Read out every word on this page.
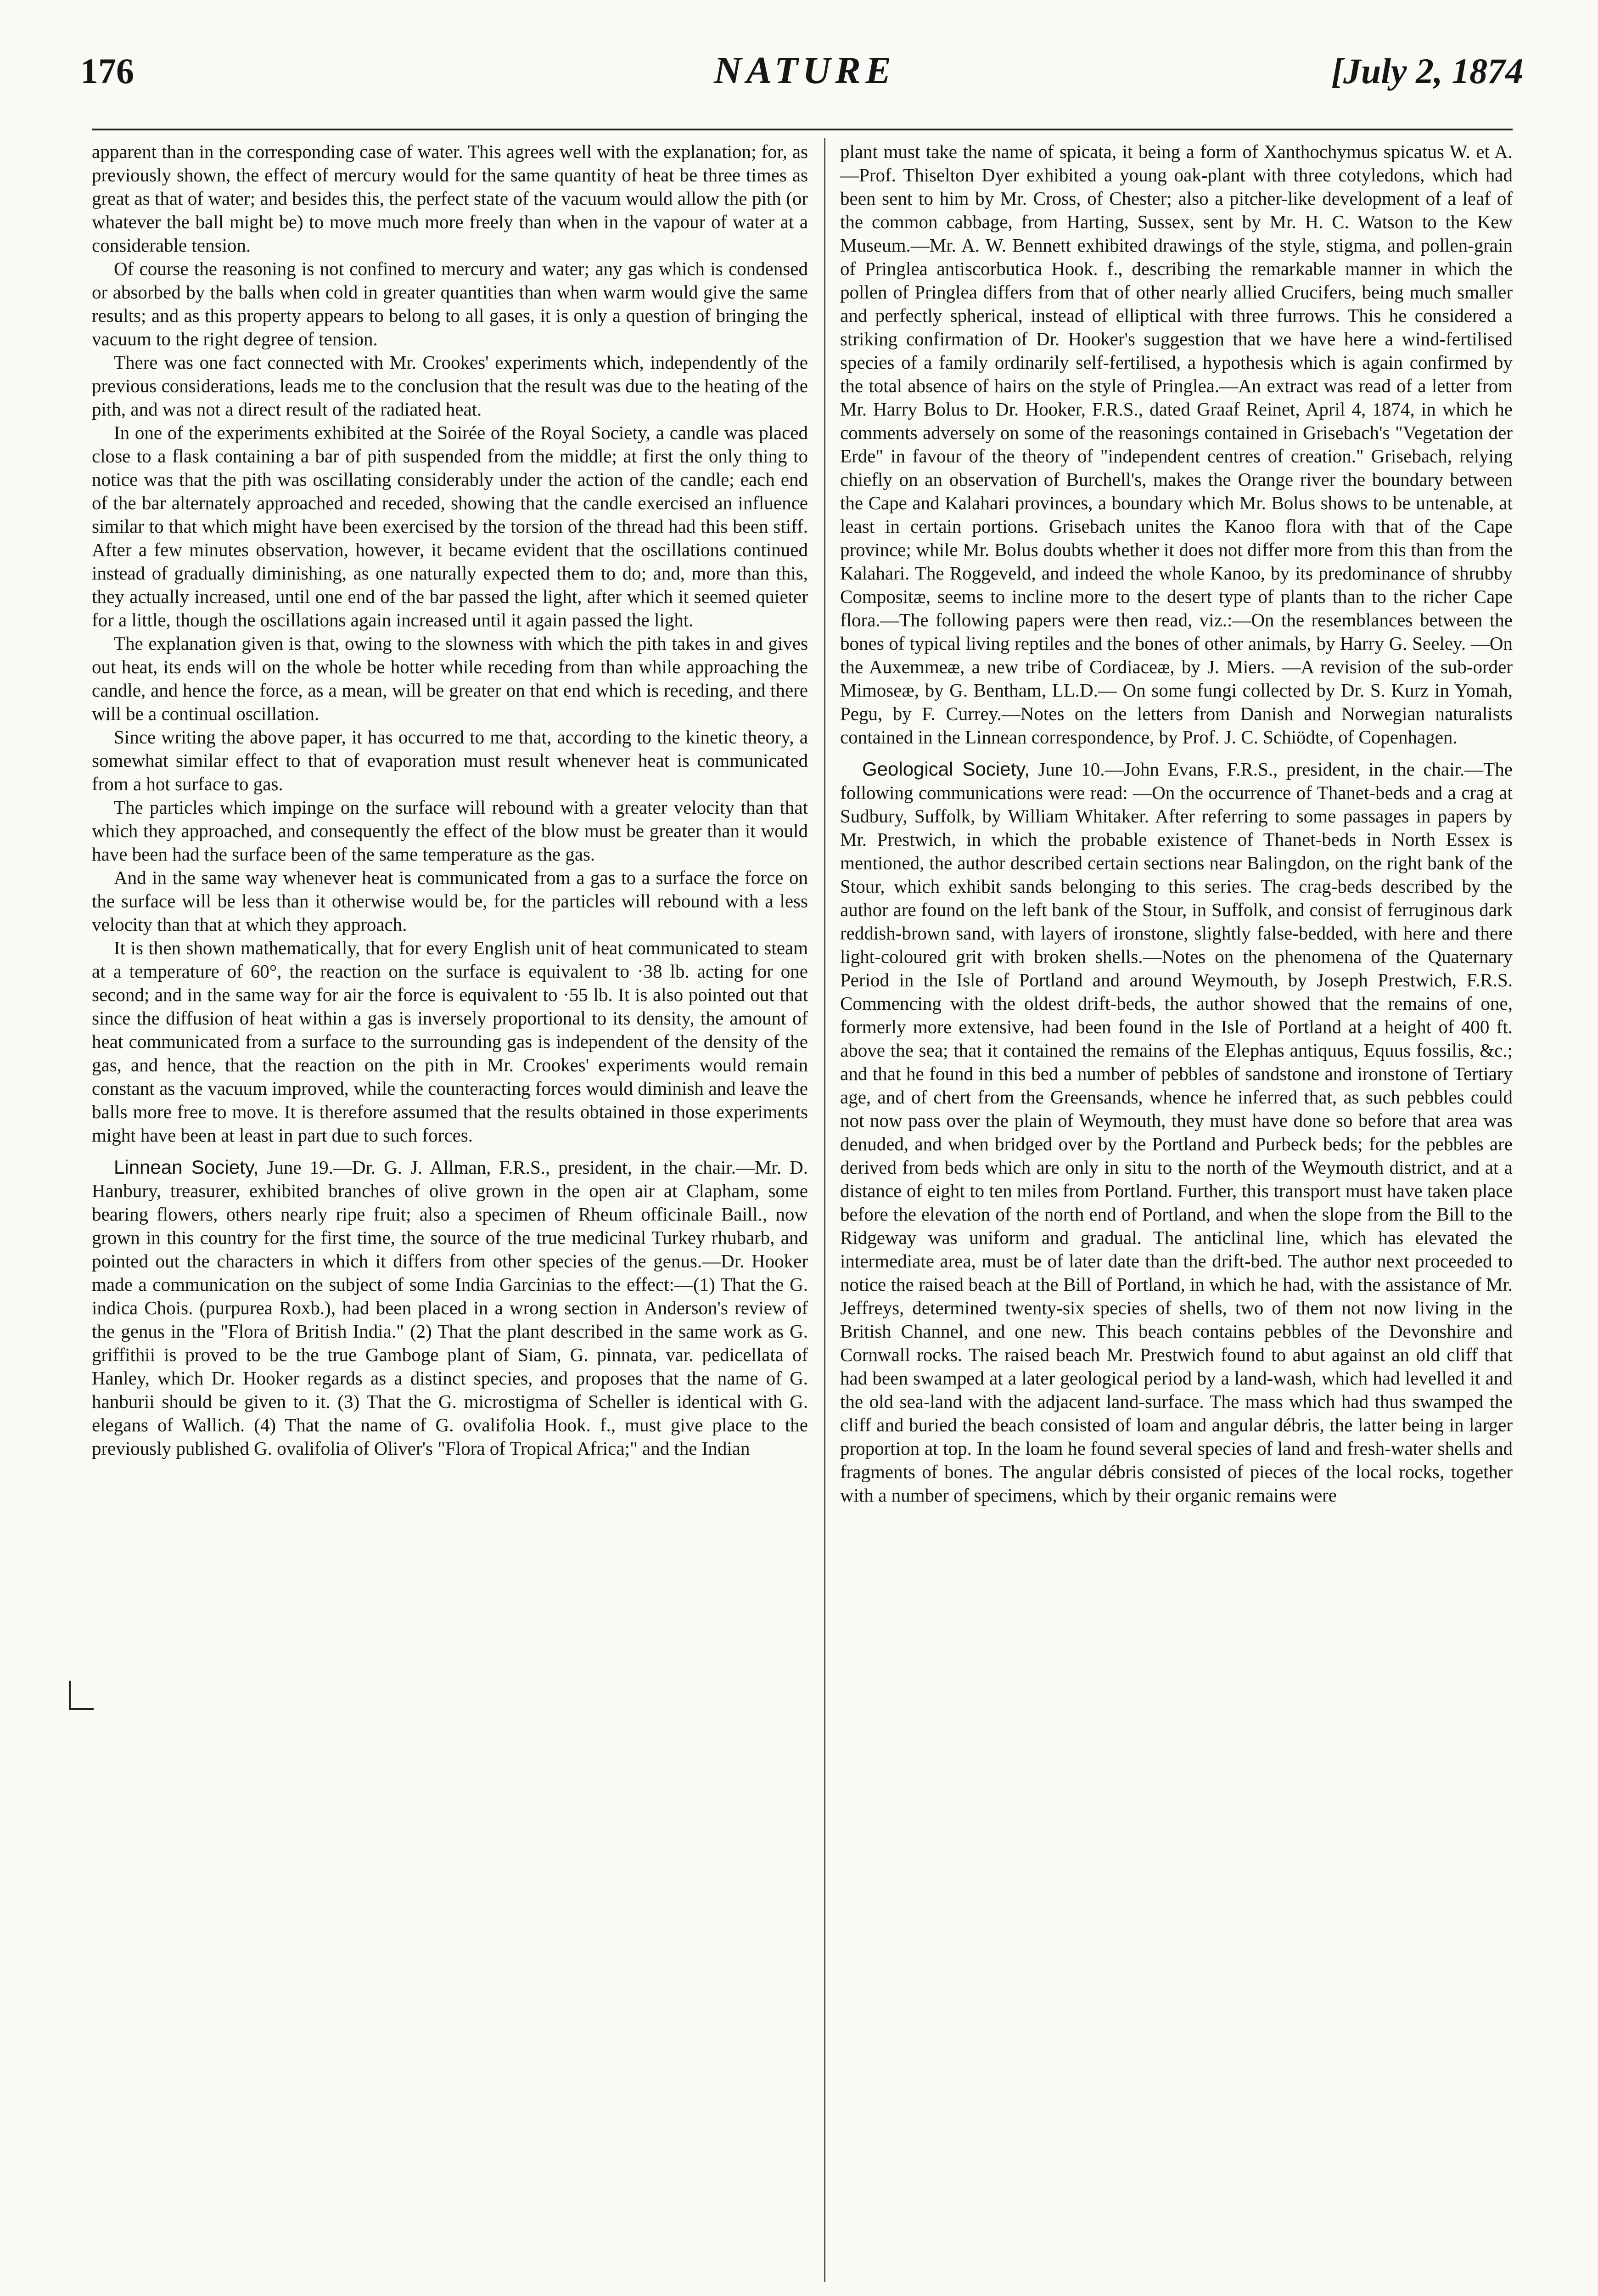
176	NATURE	[July 2, 1874

apparent than in the corresponding case of water. This agrees well with the explanation; for, as previously shown, the effect of mercury would for the same quantity of heat be three times as great as that of water; and besides this, the perfect state of the vacuum would allow the pith (or whatever the ball might be) to move much more freely than when in the vapour of water at a considerable tension.

Of course the reasoning is not confined to mercury and water; any gas which is condensed or absorbed by the balls when cold in greater quantities than when warm would give the same results; and as this property appears to belong to all gases, it is only a question of bringing the vacuum to the right degree of tension.

There was one fact connected with Mr. Crookes' experiments which, independently of the previous considerations, leads me to the conclusion that the result was due to the heating of the pith, and was not a direct result of the radiated heat.

In one of the experiments exhibited at the Soirée of the Royal Society, a candle was placed close to a flask containing a bar of pith suspended from the middle; at first the only thing to notice was that the pith was oscillating considerably under the action of the candle; each end of the bar alternately approached and receded, showing that the candle exercised an influence similar to that which might have been exercised by the torsion of the thread had this been stiff. After a few minutes observation, however, it became evident that the oscillations continued instead of gradually diminishing, as one naturally expected them to do; and, more than this, they actually increased, until one end of the bar passed the light, after which it seemed quieter for a little, though the oscillations again increased until it again passed the light.

The explanation given is that, owing to the slowness with which the pith takes in and gives out heat, its ends will on the whole be hotter while receding from than while approaching the candle, and hence the force, as a mean, will be greater on that end which is receding, and there will be a continual oscillation.

Since writing the above paper, it has occurred to me that, according to the kinetic theory, a somewhat similar effect to that of evaporation must result whenever heat is communicated from a hot surface to gas.

The particles which impinge on the surface will rebound with a greater velocity than that which they approached, and consequently the effect of the blow must be greater than it would have been had the surface been of the same temperature as the gas.

And in the same way whenever heat is communicated from a gas to a surface the force on the surface will be less than it otherwise would be, for the particles will rebound with a less velocity than that at which they approach.

It is then shown mathematically, that for every English unit of heat communicated to steam at a temperature of 60°, the reaction on the surface is equivalent to ·38 lb. acting for one second; and in the same way for air the force is equivalent to ·55 lb. It is also pointed out that since the diffusion of heat within a gas is inversely proportional to its density, the amount of heat communicated from a surface to the surrounding gas is independent of the density of the gas, and hence, that the reaction on the pith in Mr. Crookes' experiments would remain constant as the vacuum improved, while the counteracting forces would diminish and leave the balls more free to move. It is therefore assumed that the results obtained in those experiments might have been at least in part due to such forces.

Linnean Society, June 19.—Dr. G. J. Allman, F.R.S., president, in the chair.—Mr. D. Hanbury, treasurer, exhibited branches of olive grown in the open air at Clapham, some bearing flowers, others nearly ripe fruit; also a specimen of Rheum officinale Baill., now grown in this country for the first time, the source of the true medicinal Turkey rhubarb, and pointed out the characters in which it differs from other species of the genus.—Dr. Hooker made a communication on the subject of some India Garcinias to the effect:—(1) That the G. indica Chois. (purpurea Roxb.), had been placed in a wrong section in Anderson's review of the genus in the "Flora of British India." (2) That the plant described in the same work as G. griffithii is proved to be the true Gamboge plant of Siam, G. pinnata, var. pedicellata of Hanley, which Dr. Hooker regards as a distinct species, and proposes that the name of G. hanburii should be given to it. (3) That the G. microstigma of Scheller is identical with G. elegans of Wallich. (4) That the name of G. ovalifolia Hook. f., must give place to the previously published G. ovalifolia of Oliver's "Flora of Tropical Africa;" and the Indian

plant must take the name of spicata, it being a form of Xanthochymus spicatus W. et A.—Prof. Thiselton Dyer exhibited a young oak-plant with three cotyledons, which had been sent to him by Mr. Cross, of Chester; also a pitcher-like development of a leaf of the common cabbage, from Harting, Sussex, sent by Mr. H. C. Watson to the Kew Museum.—Mr. A. W. Bennett exhibited drawings of the style, stigma, and pollen-grain of Pringlea antiscorbutica Hook. f., describing the remarkable manner in which the pollen of Pringlea differs from that of other nearly allied Crucifers, being much smaller and perfectly spherical, instead of elliptical with three furrows. This he considered a striking confirmation of Dr. Hooker's suggestion that we have here a wind-fertilised species of a family ordinarily self-fertilised, a hypothesis which is again confirmed by the total absence of hairs on the style of Pringlea.—An extract was read of a letter from Mr. Harry Bolus to Dr. Hooker, F.R.S., dated Graaf Reinet, April 4, 1874, in which he comments adversely on some of the reasonings contained in Grisebach's "Vegetation der Erde" in favour of the theory of "independent centres of creation." Grisebach, relying chiefly on an observation of Burchell's, makes the Orange river the boundary between the Cape and Kalahari provinces, a boundary which Mr. Bolus shows to be untenable, at least in certain portions. Grisebach unites the Kanoo flora with that of the Cape province; while Mr. Bolus doubts whether it does not differ more from this than from the Kalahari. The Roggeveld, and indeed the whole Kanoo, by its predominance of shrubby Compositæ, seems to incline more to the desert type of plants than to the richer Cape flora.—The following papers were then read, viz.:—On the resemblances between the bones of typical living reptiles and the bones of other animals, by Harry G. Seeley. —On the Auxemmeæ, a new tribe of Cordiaceæ, by J. Miers. —A revision of the sub-order Mimoseæ, by G. Bentham, LL.D.— On some fungi collected by Dr. S. Kurz in Yomah, Pegu, by F. Currey.—Notes on the letters from Danish and Norwegian naturalists contained in the Linnean correspondence, by Prof. J. C. Schiödte, of Copenhagen.

Geological Society, June 10.—John Evans, F.R.S., president, in the chair.—The following communications were read: —On the occurrence of Thanet-beds and a crag at Sudbury, Suffolk, by William Whitaker. After referring to some passages in papers by Mr. Prestwich, in which the probable existence of Thanet-beds in North Essex is mentioned, the author described certain sections near Balingdon, on the right bank of the Stour, which exhibit sands belonging to this series. The crag-beds described by the author are found on the left bank of the Stour, in Suffolk, and consist of ferruginous dark reddish-brown sand, with layers of ironstone, slightly false-bedded, with here and there light-coloured grit with broken shells.—Notes on the phenomena of the Quaternary Period in the Isle of Portland and around Weymouth, by Joseph Prestwich, F.R.S. Commencing with the oldest drift-beds, the author showed that the remains of one, formerly more extensive, had been found in the Isle of Portland at a height of 400 ft. above the sea; that it contained the remains of the Elephas antiquus, Equus fossilis, &c.; and that he found in this bed a number of pebbles of sandstone and ironstone of Tertiary age, and of chert from the Greensands, whence he inferred that, as such pebbles could not now pass over the plain of Weymouth, they must have done so before that area was denuded, and when bridged over by the Portland and Purbeck beds; for the pebbles are derived from beds which are only in situ to the north of the Weymouth district, and at a distance of eight to ten miles from Portland. Further, this transport must have taken place before the elevation of the north end of Portland, and when the slope from the Bill to the Ridgeway was uniform and gradual. The anticlinal line, which has elevated the intermediate area, must be of later date than the drift-bed. The author next proceeded to notice the raised beach at the Bill of Portland, in which he had, with the assistance of Mr. Jeffreys, determined twenty-six species of shells, two of them not now living in the British Channel, and one new. This beach contains pebbles of the Devonshire and Cornwall rocks. The raised beach Mr. Prestwich found to abut against an old cliff that had been swamped at a later geological period by a land-wash, which had levelled it and the old sea-land with the adjacent land-surface. The mass which had thus swamped the cliff and buried the beach consisted of loam and angular débris, the latter being in larger proportion at top. In the loam he found several species of land and fresh-water shells and fragments of bones. The angular débris consisted of pieces of the local rocks, together with a number of specimens, which by their organic remains were
